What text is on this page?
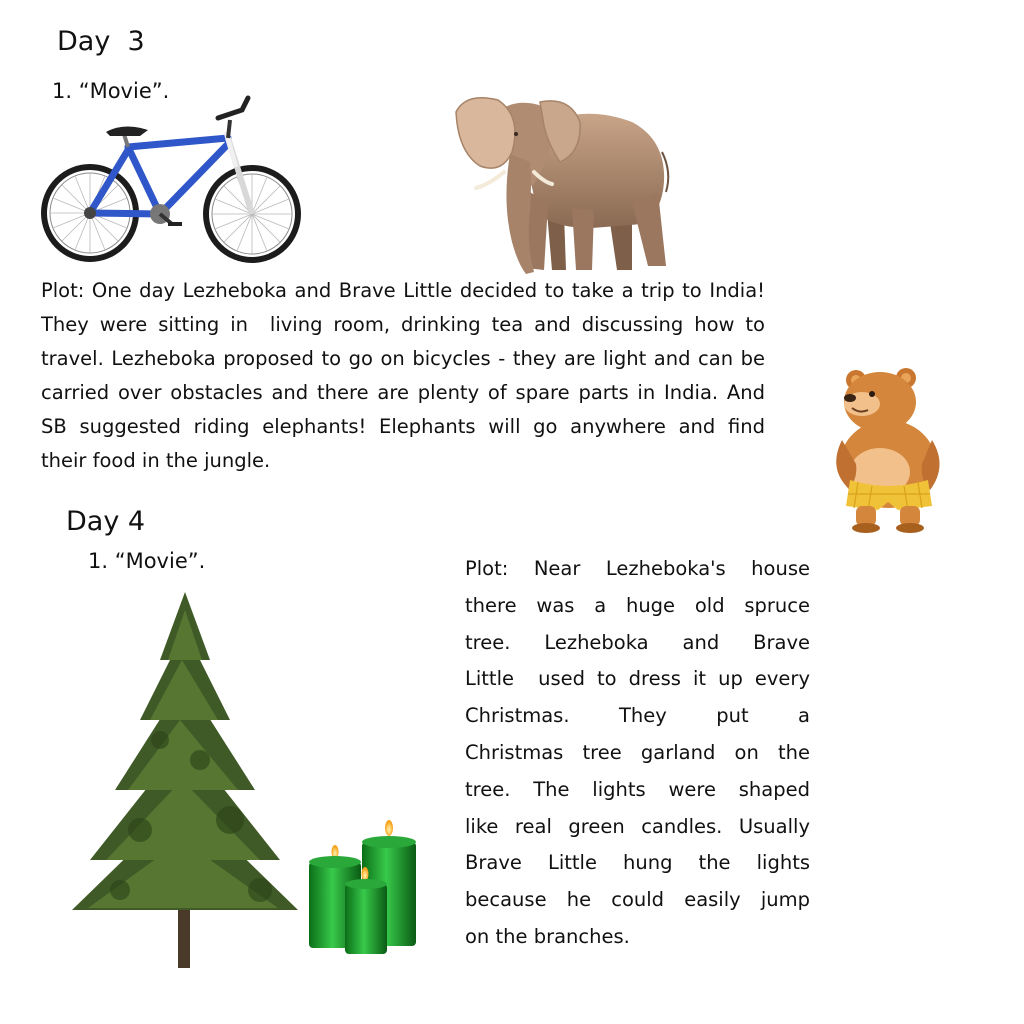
Day  3
1. “Movie”.
Plot: One day Lezheboka and Brave Little decided to take a trip to India!
They were sitting in  living room, drinking tea and discussing how to
travel. Lezheboka proposed to go on bicycles - they are light and can be
carried over obstacles and there are plenty of spare parts in India. And
SB suggested riding elephants! Elephants will go anywhere and find
their food in the jungle.
Day 4
1. “Movie”.	Plot: Near Lezheboka's house
there was a huge old spruce
tree. Lezheboka and Brave
Little  used to dress it up every
Christmas. They put a
Christmas tree garland on the
tree. The lights were shaped
like real green candles. Usually
Brave Little hung the lights
because he could easily jump
on the branches.
